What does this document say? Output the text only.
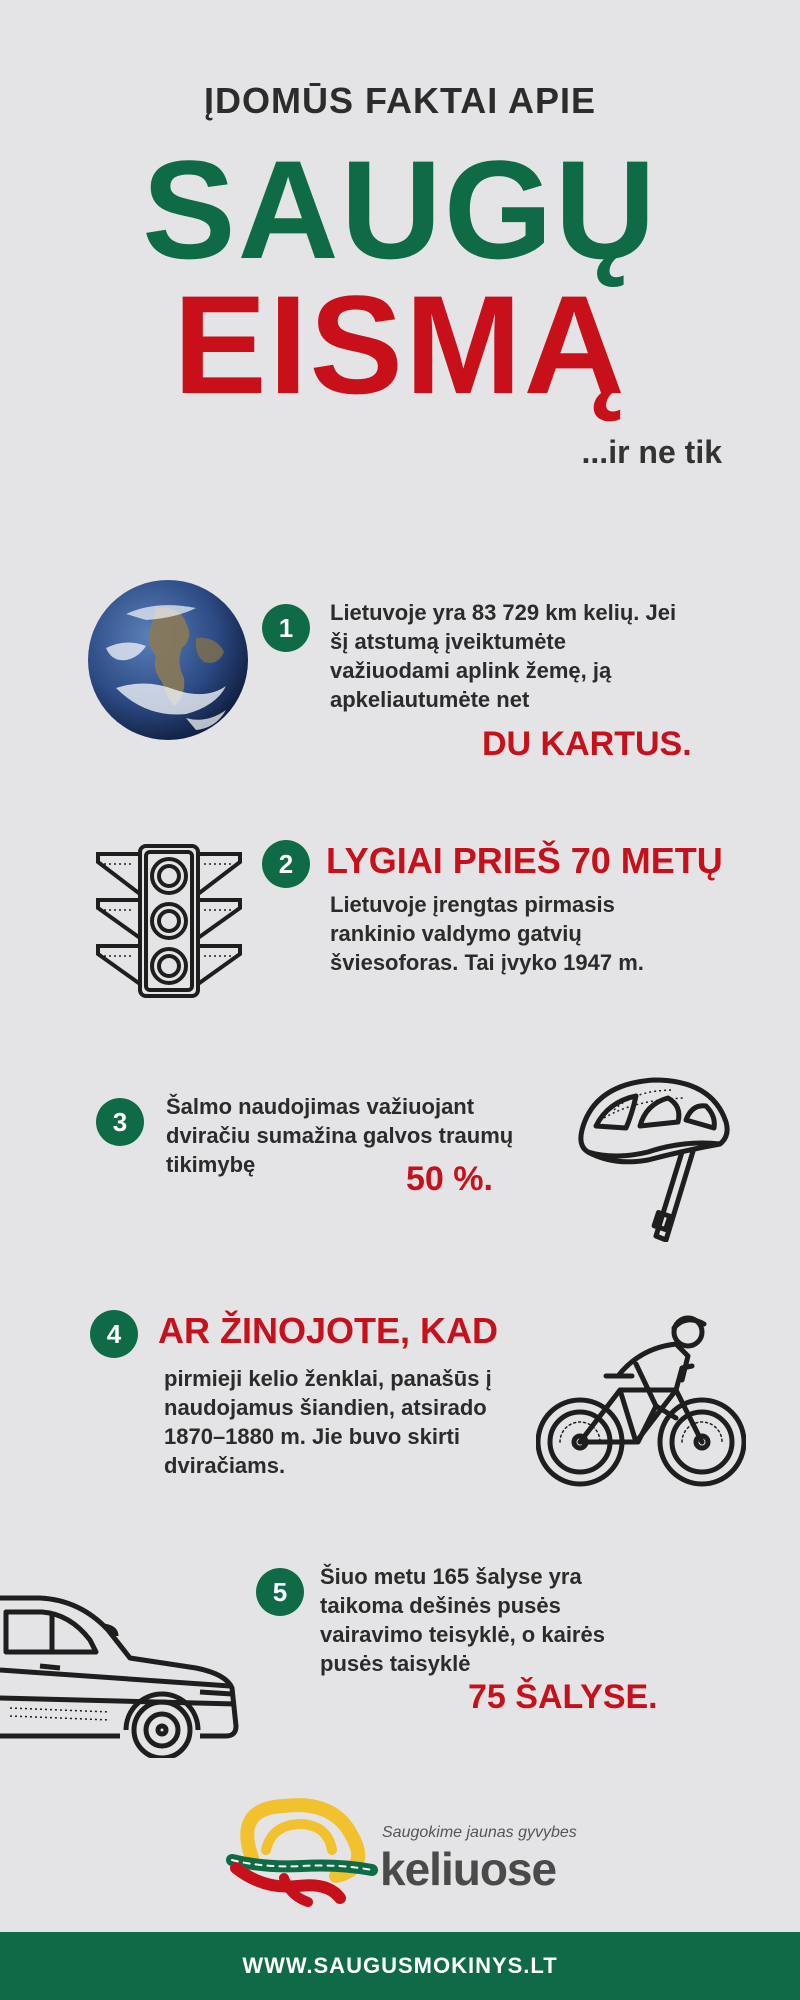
ĮDOMŪS FAKTAI APIE
SAUGŲ
EISMĄ
...ir ne tik
1	Lietuvoje yra 83 729 km kelių. Jei šį atstumą įveiktumėte važiuodami aplink žemę, ją apkeliautumėte net
DU KARTUS.
2 LYGIAI PRIEŠ 70 METŲ
Lietuvoje įrengtas pirmasis rankinio valdymo gatvių šviesoforas. Tai įvyko 1947 m.
3	Šalmo naudojimas važiuojant dviračiu sumažina galvos traumų tikimybę	50 %.
4	AR ŽINOJOTE, KAD
pirmieji kelio ženklai, panašūs į naudojamus šiandien, atsirado 1870–1880 m. Jie buvo skirti dviračiams.
5	Šiuo metu 165 šalyse yra taikoma dešinės pusės vairavimo teisyklė, o kairės pusės taisyklė
75 ŠALYSE.
Saugokime jaunas gyvybes
keliuose
WWW.SAUGUSMOKINYS.LT
